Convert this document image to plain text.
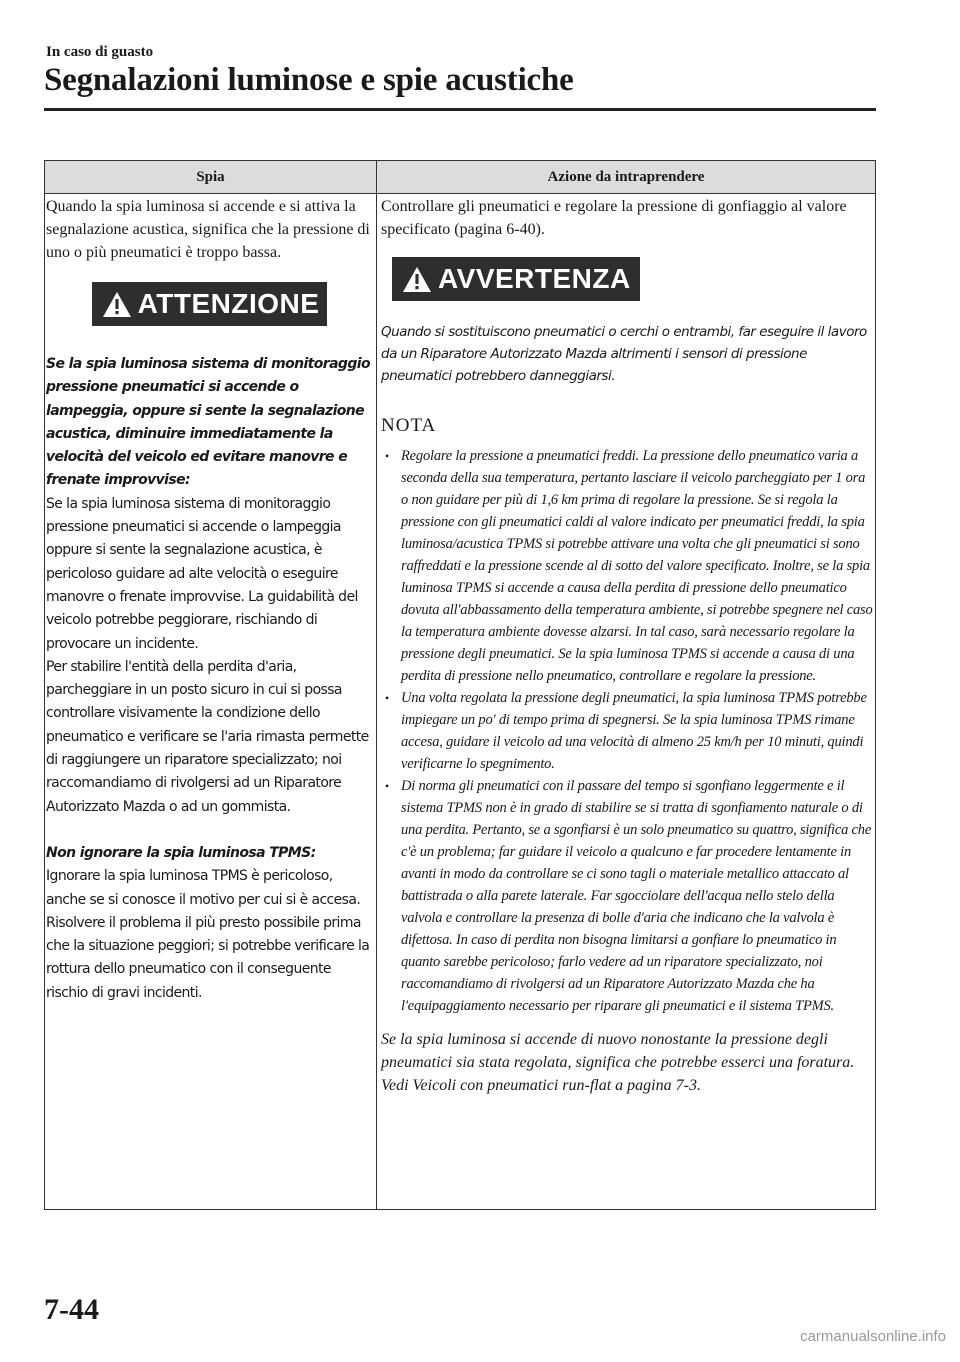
In caso di guasto
Segnalazioni luminose e spie acustiche
Spia	Azione da intraprendere

Quando la spia luminosa si accende e si attiva la segnalazione acustica, significa che la pressione di uno o più pneumatici è troppo bassa.

ATTENZIONE

Se la spia luminosa sistema di monitoraggio pressione pneumatici si accende o lampeggia, oppure si sente la segnalazione acustica, diminuire immediatamente la velocità del veicolo ed evitare manovre e frenate improvvise:

Se la spia luminosa sistema di monitoraggio pressione pneumatici si accende o lampeggia oppure si sente la segnalazione acustica, è pericoloso guidare ad alte velocità o eseguire manovre o frenate improvvise. La guidabilità del veicolo potrebbe peggiorare, rischiando di provocare un incidente.

Per stabilire l'entità della perdita d'aria, parcheggiare in un posto sicuro in cui si possa controllare visivamente la condizione dello pneumatico e verificare se l'aria rimasta permette di raggiungere un riparatore specializzato; noi raccomandiamo di rivolgersi ad un Riparatore Autorizzato Mazda o ad un gommista.

Non ignorare la spia luminosa TPMS:

Ignorare la spia luminosa TPMS è pericoloso, anche se si conosce il motivo per cui si è accesa. Risolvere il problema il più presto possibile prima che la situazione peggiori; si potrebbe verificare la rottura dello pneumatico con il conseguente rischio di gravi incidenti.

Controllare gli pneumatici e regolare la pressione di gonfiaggio al valore specificato (pagina 6-40).

AVVERTENZA

Quando si sostituiscono pneumatici o cerchi o entrambi, far eseguire il lavoro da un Riparatore Autorizzato Mazda altrimenti i sensori di pressione pneumatici potrebbero danneggiarsi.

NOTA

• Regolare la pressione a pneumatici freddi. La pressione dello pneumatico varia a seconda della sua temperatura, pertanto lasciare il veicolo parcheggiato per 1 ora o non guidare per più di 1,6 km prima di regolare la pressione. Se si regola la pressione con gli pneumatici caldi al valore indicato per pneumatici freddi, la spia luminosa/acustica TPMS si potrebbe attivare una volta che gli pneumatici si sono raffreddati e la pressione scende al di sotto del valore specificato. Inoltre, se la spia luminosa TPMS si accende a causa della perdita di pressione dello pneumatico dovuta all'abbassamento della temperatura ambiente, si potrebbe spegnere nel caso la temperatura ambiente dovesse alzarsi. In tal caso, sarà necessario regolare la pressione degli pneumatici. Se la spia luminosa TPMS si accende a causa di una perdita di pressione nello pneumatico, controllare e regolare la pressione.
• Una volta regolata la pressione degli pneumatici, la spia luminosa TPMS potrebbe impiegare un po' di tempo prima di spegnersi. Se la spia luminosa TPMS rimane accesa, guidare il veicolo ad una velocità di almeno 25 km/h per 10 minuti, quindi verificarne lo spegnimento.
• Di norma gli pneumatici con il passare del tempo si sgonfiano leggermente e il sistema TPMS non è in grado di stabilire se si tratta di sgonfiamento naturale o di una perdita. Pertanto, se a sgonfiarsi è un solo pneumatico su quattro, significa che c'è un problema; far guidare il veicolo a qualcuno e far procedere lentamente in avanti in modo da controllare se ci sono tagli o materiale metallico attaccato al battistrada o alla parete laterale. Far sgocciolare dell'acqua nello stelo della valvola e controllare la presenza di bolle d'aria che indicano che la valvola è difettosa. In caso di perdita non bisogna limitarsi a gonfiare lo pneumatico in quanto sarebbe pericoloso; farlo vedere ad un riparatore specializzato, noi raccomandiamo di rivolgersi ad un Riparatore Autorizzato Mazda che ha l'equipaggiamento necessario per riparare gli pneumatici e il sistema TPMS.

Se la spia luminosa si accende di nuovo nonostante la pressione degli pneumatici sia stata regolata, significa che potrebbe esserci una foratura.

Vedi Veicoli con pneumatici run-flat a pagina 7-3.

7-44
carmanualsonline.info
